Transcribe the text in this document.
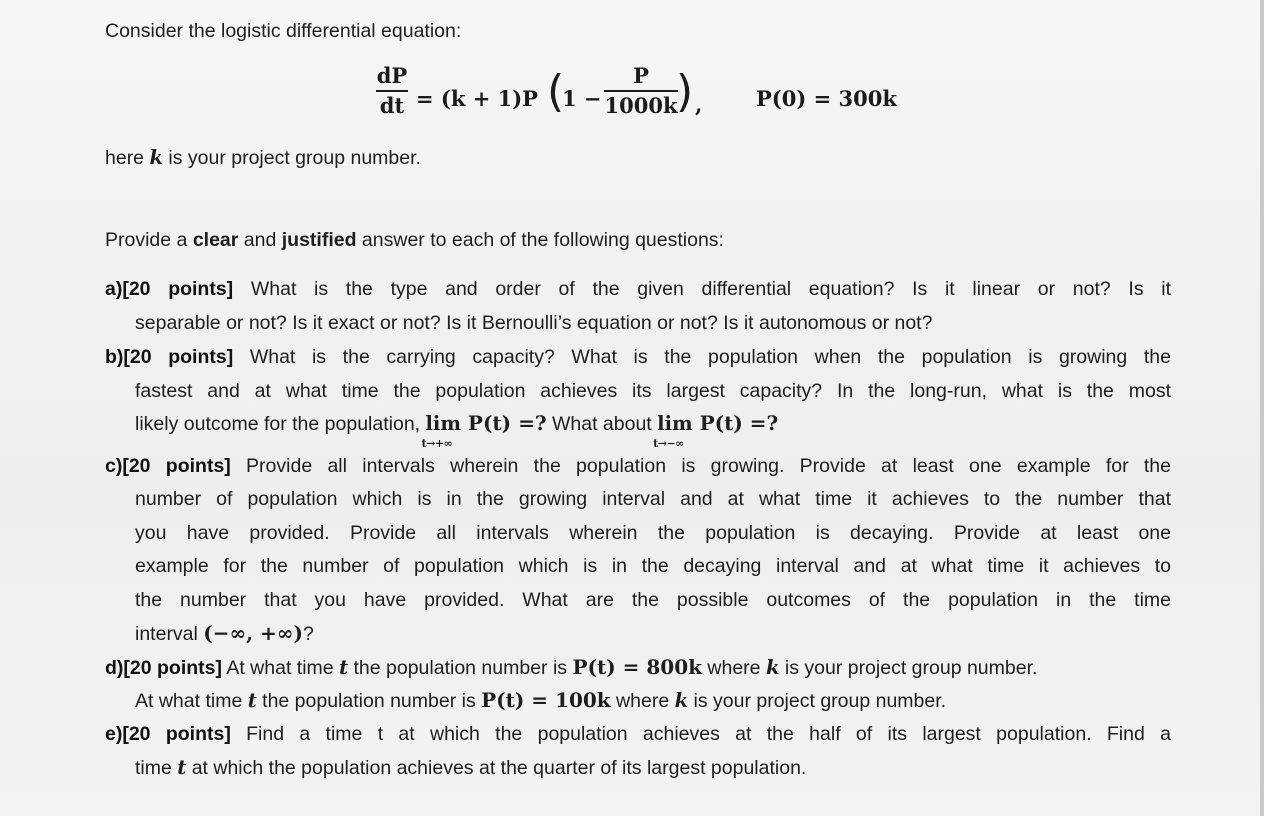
Consider the logistic differential equation:
dP
dt = (k + 1)P (
1 −
P
1000k
) ,	P(0) = 300k
here k is your project group number.
Provide a clear and justified answer to each of the following questions:
a)[20 points] What is the type and order of the given differential equation? Is it linear or not? Is it
separable or not? Is it exact or not? Is it Bernoulli’s equation or not? Is it autonomous or not?
b)[20 points] What is the carrying capacity? What is the population when the population is growing the
fastest and at what time the population achieves its largest capacity? In the long-run, what is the most
likely outcome for the population, lim
t→+∞
P(t) =? What about lim
t→−∞
P(t) =?
c)[20 points] Provide all intervals wherein the population is growing. Provide at least one example for the
number of population which is in the growing interval and at what time it achieves to the number that
you have provided. Provide all intervals wherein the population is decaying. Provide at least one
example for the number of population which is in the decaying interval and at what time it achieves to
the number that you have provided. What are the possible outcomes of the population in the time
interval (−∞, +∞)?
d)[20 points] At what time t the population number is P(t) = 800k where k is your project group number.
At what time t the population number is P(t) = 100k where k is your project group number.
e)[20 points] Find a time t at which the population achieves at the half of its largest population. Find a
time t at which the population achieves at the quarter of its largest population.
